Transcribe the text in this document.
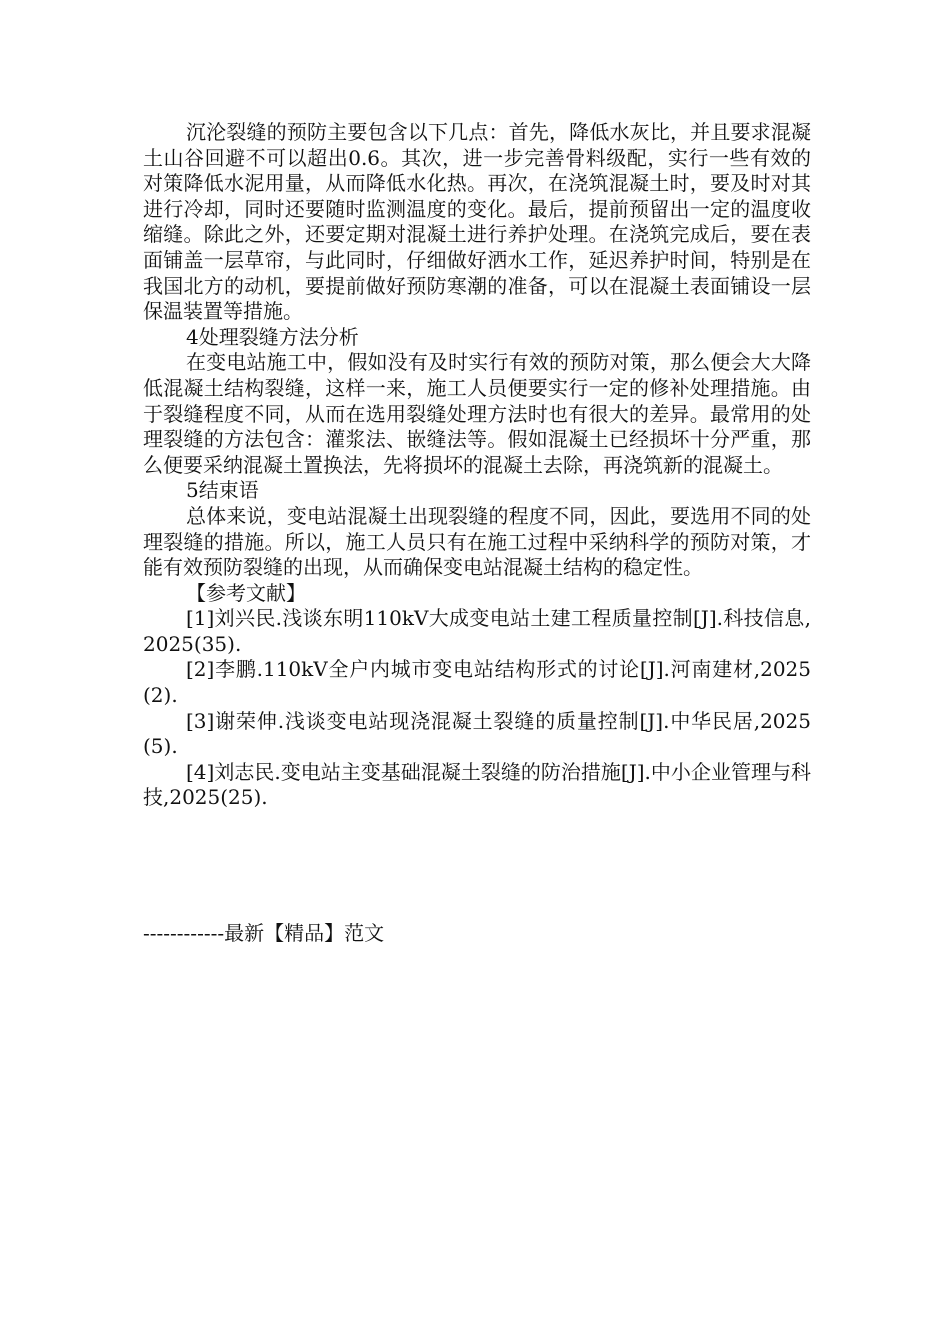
沉沦裂缝的预防主要包含以下几点：首先，降低水灰比，并且要求混凝土山谷回避不可以超出0.6。其次，进一步完善骨料级配，实行一些有效的对策降低水泥用量，从而降低水化热。再次，在浇筑混凝土时，要及时对其进行冷却，同时还要随时监测温度的变化。最后，提前预留出一定的温度收缩缝。除此之外，还要定期对混凝土进行养护处理。在浇筑完成后，要在表面铺盖一层草帘，与此同时，仔细做好洒水工作，延迟养护时间，特别是在我国北方的动机，要提前做好预防寒潮的准备，可以在混凝土表面铺设一层保温装置等措施。

4处理裂缝方法分析

在变电站施工中，假如没有及时实行有效的预防对策，那么便会大大降低混凝土结构裂缝，这样一来，施工人员便要实行一定的修补处理措施。由于裂缝程度不同，从而在选用裂缝处理方法时也有很大的差异。最常用的处理裂缝的方法包含：灌浆法、嵌缝法等。假如混凝土已经损坏十分严重，那么便要采纳混凝土置换法，先将损坏的混凝土去除，再浇筑新的混凝土。

5结束语

总体来说，变电站混凝土出现裂缝的程度不同，因此，要选用不同的处理裂缝的措施。所以，施工人员只有在施工过程中采纳科学的预防对策，才能有效预防裂缝的出现，从而确保变电站混凝土结构的稳定性。

【参考文献】

[1]刘兴民.浅谈东明110kV大成变电站土建工程质量控制[J].科技信息,2025(35).

[2]李鹏.110kV全户内城市变电站结构形式的讨论[J].河南建材,2025(2).

[3]谢荣伸.浅谈变电站现浇混凝土裂缝的质量控制[J].中华民居,2025(5).

[4]刘志民.变电站主变基础混凝土裂缝的防治措施[J].中小企业管理与科技,2025(25).

------------最新【精品】范文
